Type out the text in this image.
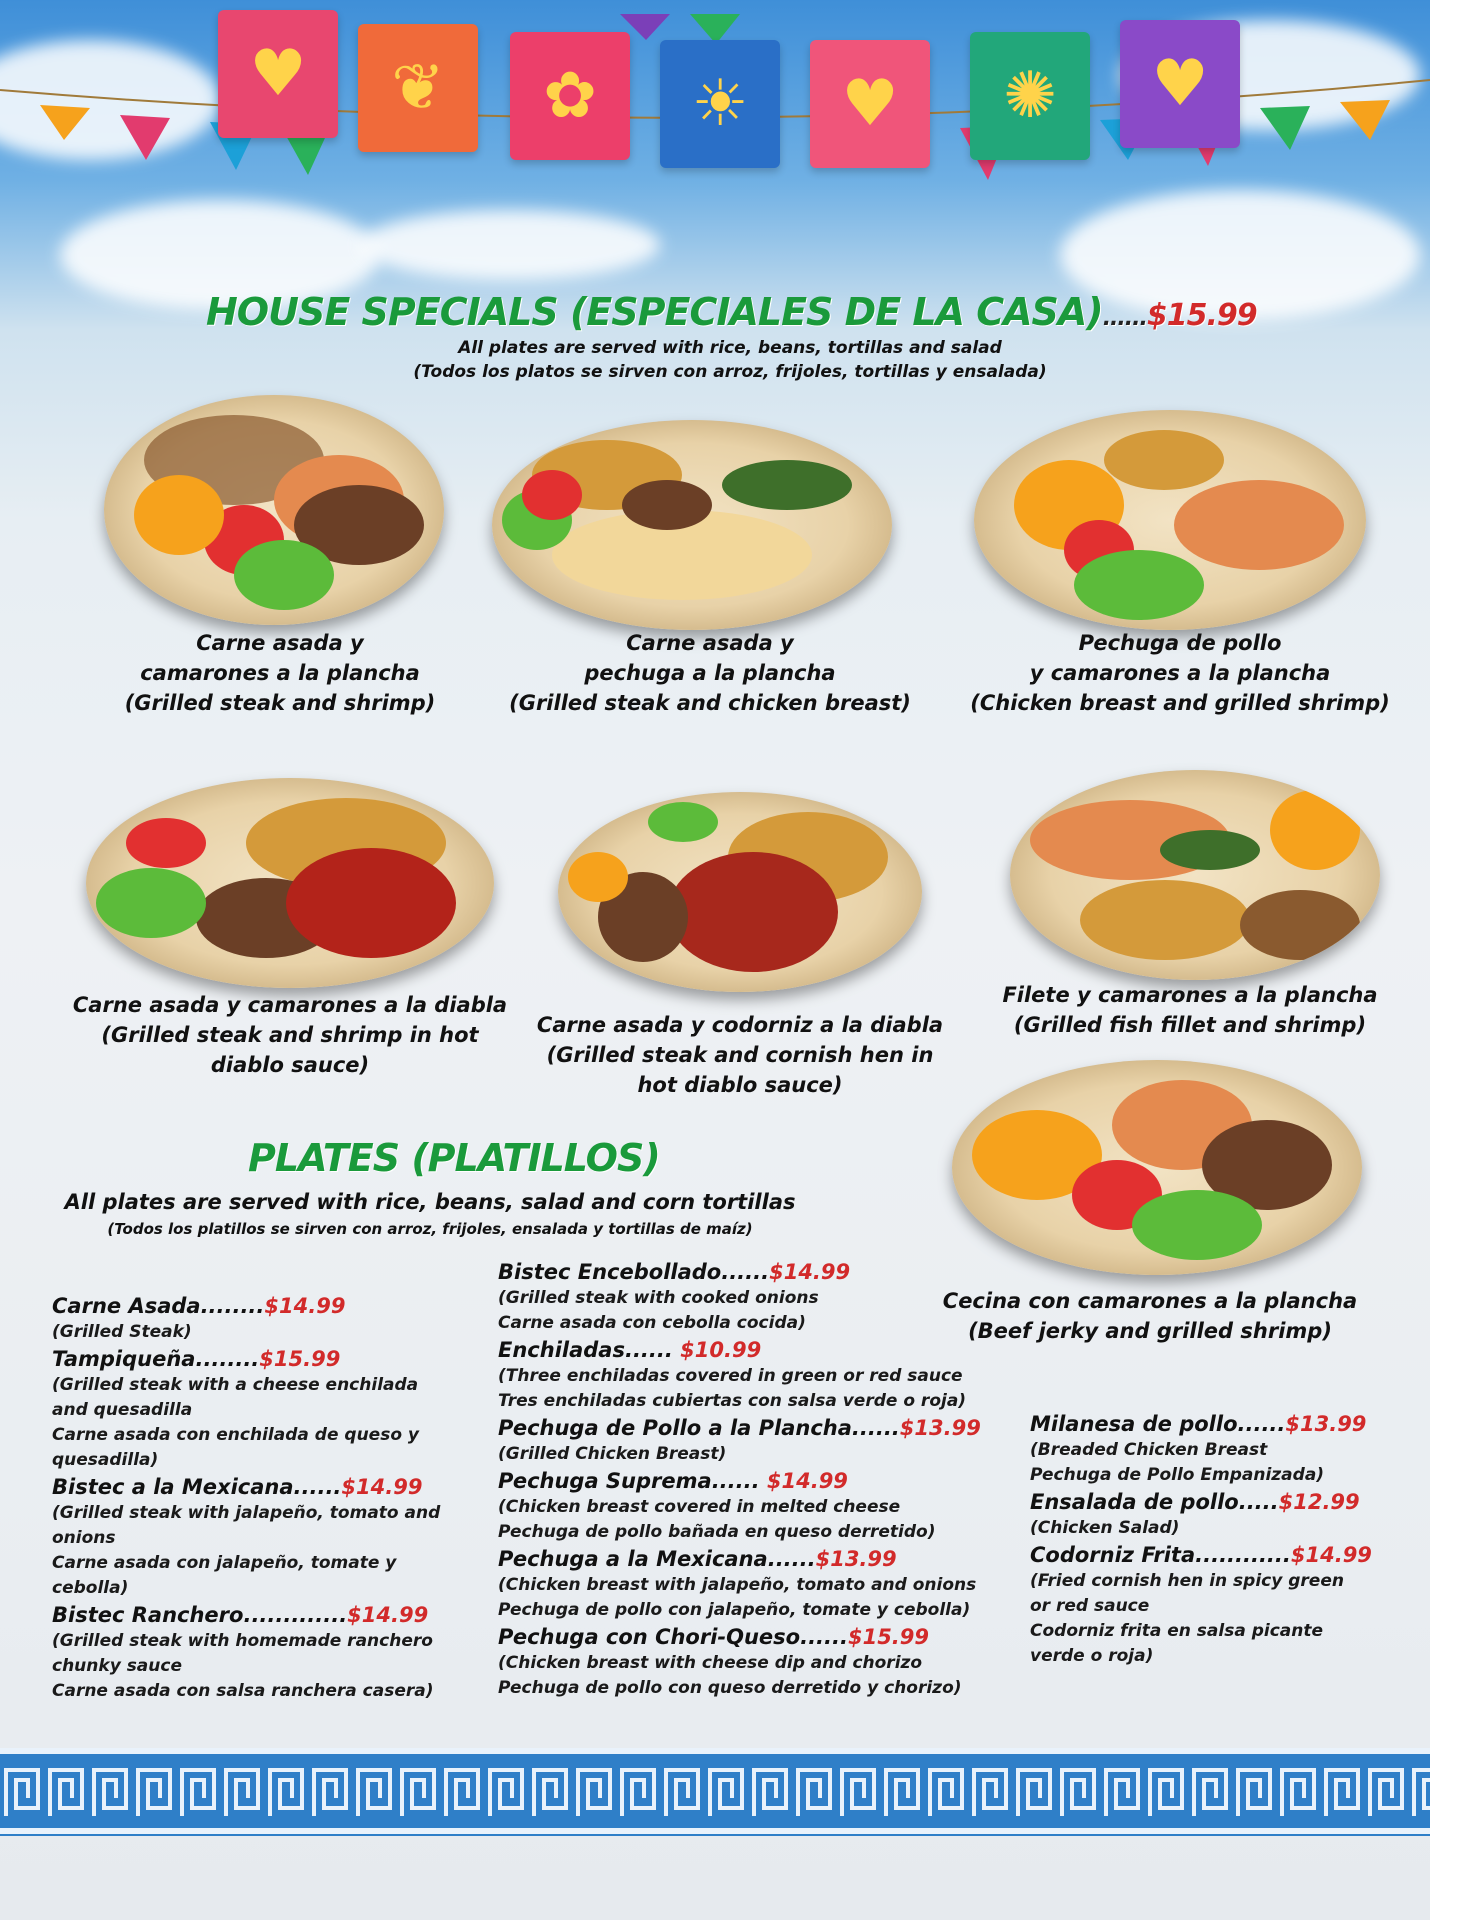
♥ ❦ ✿ ☀ ♥ ✺ ♥
HOUSE SPECIALS (ESPECIALES DE LA CASA)......$15.99
All plates are served with rice, beans, tortillas and salad
(Todos los platos se sirven con arroz, frijoles, tortillas y ensalada)
Carne asada y
camarones a la plancha
(Grilled steak and shrimp)
Carne asada y
pechuga a la plancha
(Grilled steak and chicken breast)
Pechuga de pollo
y camarones a la plancha
(Chicken breast and grilled shrimp)
Carne asada y camarones a la diabla
(Grilled steak and shrimp in hot
diablo sauce)
Carne asada y codorniz a la diabla
(Grilled steak and cornish hen in
hot diablo sauce)
Filete y camarones a la plancha
(Grilled fish fillet and shrimp)
Cecina con camarones a la plancha
(Beef jerky and grilled shrimp)
PLATES (PLATILLOS)
All plates are served with rice, beans, salad and corn tortillas
(Todos los platillos se sirven con arroz, frijoles, ensalada y tortillas de maíz)
Carne Asada........$14.99
(Grilled Steak)
Tampiqueña........$15.99
(Grilled steak with a cheese enchilada
and quesadilla
Carne asada con enchilada de queso y
quesadilla)
Bistec a la Mexicana......$14.99
(Grilled steak with jalapeño, tomato and
onions
Carne asada con jalapeño, tomate y
cebolla)
Bistec Ranchero.............$14.99
(Grilled steak with homemade ranchero
chunky sauce
Carne asada con salsa ranchera casera)
Bistec Encebollado......$14.99
(Grilled steak with cooked onions
Carne asada con cebolla cocida)
Enchiladas...... $10.99
(Three enchiladas covered in green or red sauce
Tres enchiladas cubiertas con salsa verde o roja)
Pechuga de Pollo a la Plancha......$13.99
(Grilled Chicken Breast)
Pechuga Suprema...... $14.99
(Chicken breast covered in melted cheese
Pechuga de pollo bañada en queso derretido)
Pechuga a la Mexicana......$13.99
(Chicken breast with jalapeño, tomato and onions
Pechuga de pollo con jalapeño, tomate y cebolla)
Pechuga con Chori-Queso......$15.99
(Chicken breast with cheese dip and chorizo
Pechuga de pollo con queso derretido y chorizo)
Milanesa de pollo......$13.99
(Breaded Chicken Breast
Pechuga de Pollo Empanizada)
Ensalada de pollo.....$12.99
(Chicken Salad)
Codorniz Frita............$14.99
(Fried cornish hen in spicy green
or red sauce
Codorniz frita en salsa picante
verde o roja)
